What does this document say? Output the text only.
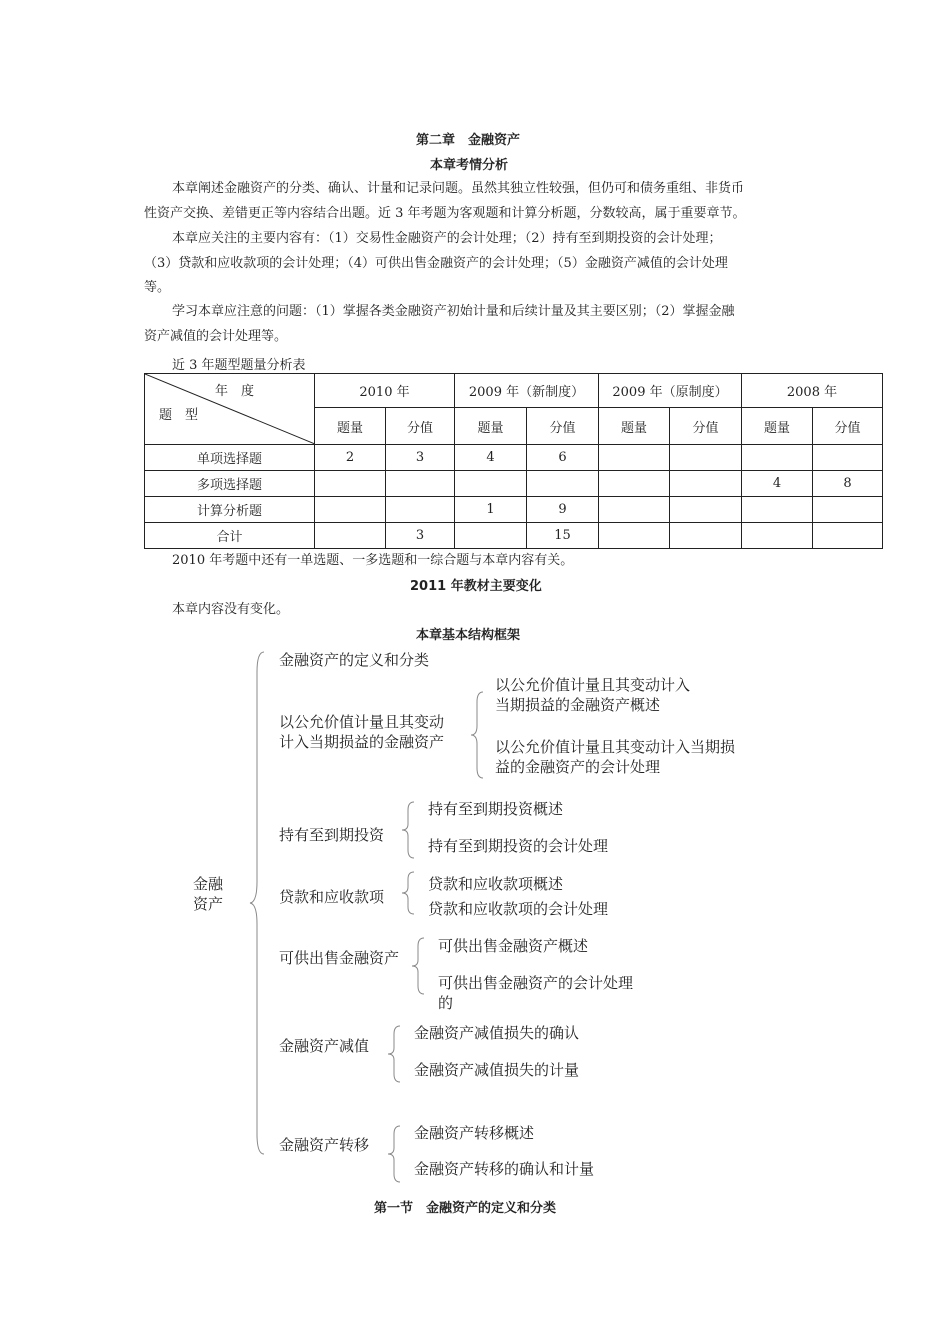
第二章　金融资产
本章考情分析
本章阐述金融资产的分类、确认、计量和记录问题。虽然其独立性较强，但仍可和债务重组、非货币
性资产交换、差错更正等内容结合出题。近 3 年考题为客观题和计算分析题，分数较高，属于重要章节。
本章应关注的主要内容有：（1）交易性金融资产的会计处理；（2）持有至到期投资的会计处理；
（3）贷款和应收款项的会计处理；（4）可供出售金融资产的会计处理；（5）金融资产减值的会计处理
等。
学习本章应注意的问题：（1）掌握各类金融资产初始计量和后续计量及其主要区别；（2）掌握金融
资产减值的会计处理等。
近 3 年题型题量分析表
年　度
题　型	2010 年		2009 年（新制度）		2009 年（原制度）		2008 年	
	题量	分值	题量	分值	题量	分值	题量	分值
单项选择题	2	3	4	6				
多项选择题							4	8
计算分析题			1	9				
合计		3		15				
2010 年考题中还有一单选题、一多选题和一综合题与本章内容有关。
2011 年教材主要变化
本章内容没有变化。
本章基本结构框架
金融
资产
金融资产的定义和分类
以公允价值计量且其变动
计入当期损益的金融资产
以公允价值计量且其变动计入
当期损益的金融资产概述
以公允价值计量且其变动计入当期损
益的金融资产的会计处理
持有至到期投资
持有至到期投资概述
持有至到期投资的会计处理
贷款和应收款项
贷款和应收款项概述
贷款和应收款项的会计处理
可供出售金融资产
可供出售金融资产概述
可供出售金融资产的会计处理
的
金融资产减值
金融资产减值损失的确认
金融资产减值损失的计量
金融资产转移
金融资产转移概述
金融资产转移的确认和计量
第一节　金融资产的定义和分类
